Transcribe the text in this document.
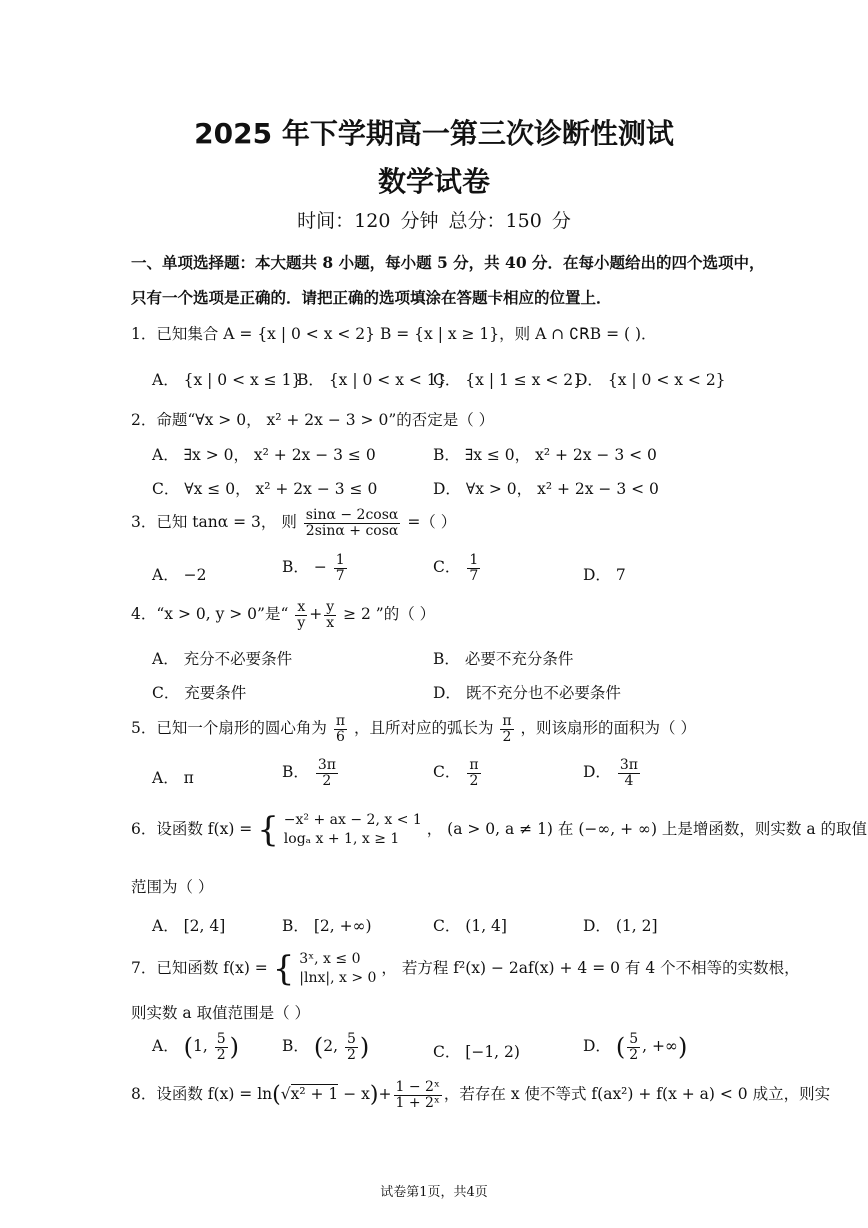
2025 年下学期高一第三次诊断性测试
数学试卷
时间：120 分钟 总分：150 分
一、单项选择题：本大题共 8 小题，每小题 5 分，共 40 分．在每小题给出的四个选项中，
只有一个选项是正确的．请把正确的选项填涂在答题卡相应的位置上．
1．已知集合 A = {x | 0 < x < 2} B = {x | x ≥ 1}，则 A ∩ ∁ꓣB = ( )．
A． {x | 0 < x ≤ 1}
B． {x | 0 < x < 1}
C． {x | 1 ≤ x < 2}
D． {x | 0 < x < 2}
2．命题“∀x > 0， x² + 2x − 3 > 0”的否定是（ ）
A． ∃x > 0， x² + 2x − 3 ≤ 0	B． ∃x ≤ 0， x² + 2x − 3 < 0
C． ∀x ≤ 0， x² + 2x − 3 ≤ 0	D． ∀x > 0， x² + 2x − 3 < 0
3．已知 tanα = 3， 则 $\frac{\sin\alpha - 2\cos\alpha}{2\sin\alpha + \cos\alpha}$ =（ ）
A． −2	B． − $\frac{1}{7}$	C． $\frac{1}{7}$	D． 7
4．“x > 0, y > 0”是“ $\frac{x}{y} + \frac{y}{x} \ge 2$ ”的（ ）
A． 充分不必要条件	B． 必要不充分条件
C． 充要条件	D． 既不充分也不必要条件
5．已知一个扇形的圆心角为 $\frac{\pi}{6}$ ，且所对应的弧长为 $\frac{\pi}{2}$ ，则该扇形的面积为（ ）
A． π	B． $\frac{3\pi}{2}$	C． $\frac{\pi}{2}$	D． $\frac{3\pi}{4}$
6．设函数 f(x) = { −x² + ax − 2, x < 1
logₐ x + 1, x ≥ 1
， (a > 0, a ≠ 1) 在 (−∞, + ∞) 上是增函数，则实数 a 的取值
范围为（ ）
A． [2, 4]	B． [2, +∞)	C． (1, 4]	D． (1, 2]
7．已知函数 f(x) = { 3ˣ, x ≤ 0
|lnx|, x > 0
， 若方程 f²(x) − 2af(x) + 4 = 0 有 4 个不相等的实数根，
则实数 a 取值范围是（ ）
A． (1, $\frac{5}{2}$ )	B． (2, $\frac{5}{2}$ )	C． [−1, 2)	D． ( $\frac{5}{2}$ , +∞)
8．设函数 $f(x) = \ln(√x^2 + 1 - x)+ \frac{\text{1 − 2ˣ}}{\text{1 + 2ˣ}}$ ，若存在 x 使不等式 f(ax²) + f(x + a) < 0 成立，则实
试卷第1页，共4页
